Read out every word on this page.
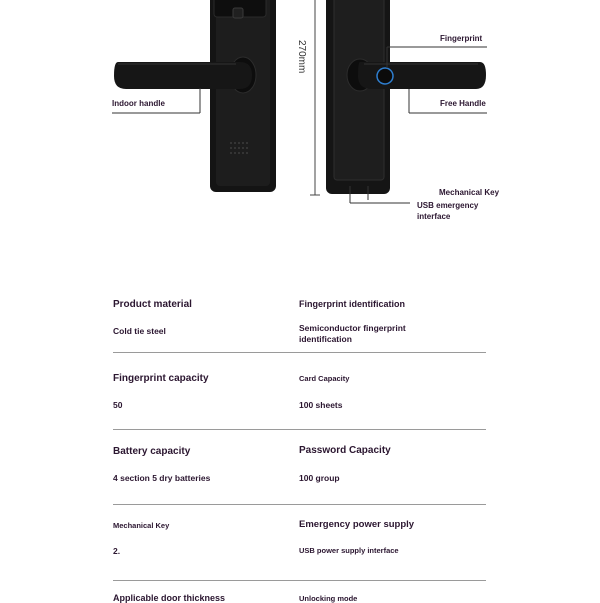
Fingerprint
Indoor handle	Free Handle
Mechanical Key
USB emergency
interface
270mm
Product material
Cold tie steel
Fingerprint identification
Semiconductor fingerprint
identification
Fingerprint capacity
50
Card Capacity
100 sheets
Battery capacity
4 section 5 dry batteries
Password Capacity
100 group
Mechanical Key
2.
Emergency power supply
USB power supply interface
Applicable door thickness	Unlocking mode
